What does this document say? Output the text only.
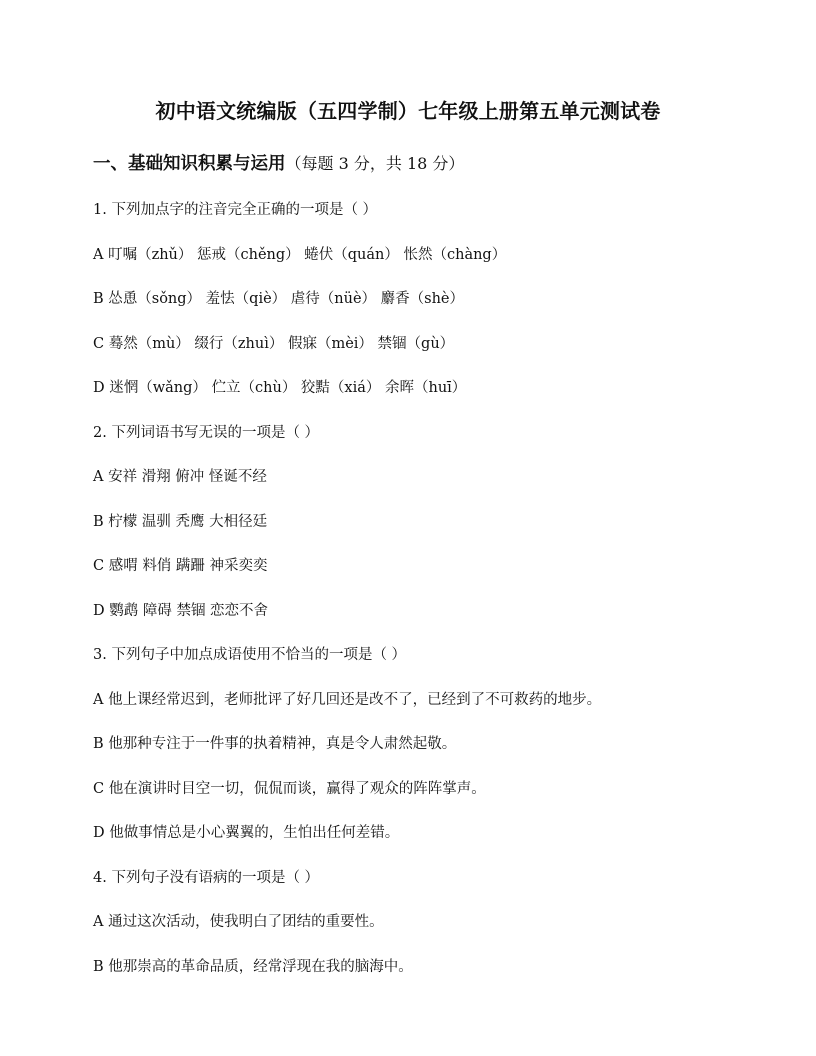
初中语文统编版（五四学制）七年级上册第五单元测试卷
一、基础知识积累与运用（每题 3 分，共 18 分）
1. 下列加点字的注音完全正确的一项是（ ）
A 叮嘱（zhǔ） 惩戒（chěng） 蜷伏（quán） 怅然（chàng）
B 怂恿（sǒng） 羞怯（qiè） 虐待（nüè） 麝香（shè）
C 蓦然（mù） 缀行（zhuì） 假寐（mèi） 禁锢（gù）
D 迷惘（wǎng） 伫立（chù） 狡黠（xiá） 余晖（huī）
2. 下列词语书写无误的一项是（ ）
A 安祥 滑翔 俯冲 怪诞不经
B 柠檬 温驯 秃鹰 大相径廷
C 感喟 料俏 蹒跚 神采奕奕
D 鹦鹉 障碍 禁锢 恋恋不舍
3. 下列句子中加点成语使用不恰当的一项是（ ）
A 他上课经常迟到，老师批评了好几回还是改不了，已经到了不可救药的地步。
B 他那种专注于一件事的执着精神，真是令人肃然起敬。
C 他在演讲时目空一切，侃侃而谈，赢得了观众的阵阵掌声。
D 他做事情总是小心翼翼的，生怕出任何差错。
4. 下列句子没有语病的一项是（ ）
A 通过这次活动，使我明白了团结的重要性。
B 他那崇高的革命品质，经常浮现在我的脑海中。
